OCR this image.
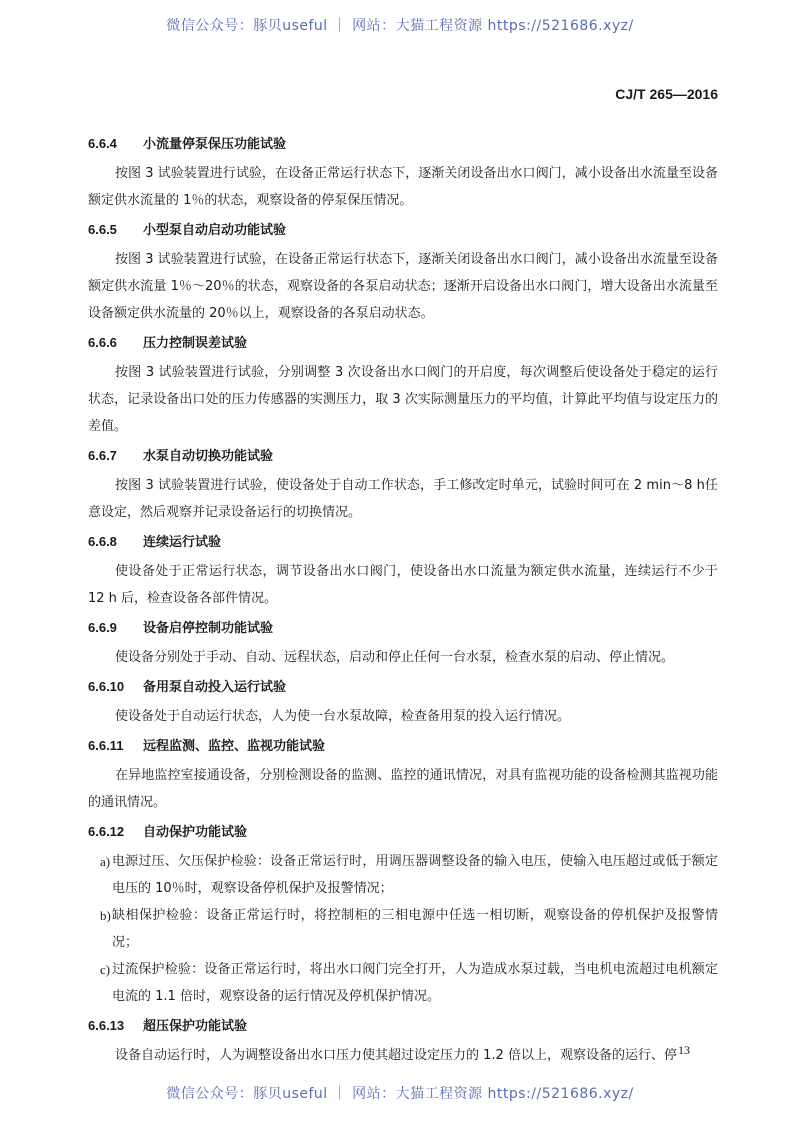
微信公众号：豚贝useful ｜ 网站：大猫工程资源 https://521686.xyz/
CJ/T 265—2016
6.6.4 小流量停泵保压功能试验

按图 3 试验装置进行试验，在设备正常运行状态下，逐渐关闭设备出水口阀门，减小设备出水流量至设备额定供水流量的 1％的状态，观察设备的停泵保压情况。

6.6.5 小型泵自动启动功能试验

按图 3 试验装置进行试验，在设备正常运行状态下，逐渐关闭设备出水口阀门，减小设备出水流量至设备额定供水流量 1％～20％的状态，观察设备的各泵启动状态；逐渐开启设备出水口阀门，增大设备出水流量至设备额定供水流量的 20％以上，观察设备的各泵启动状态。

6.6.6 压力控制误差试验

按图 3 试验装置进行试验，分别调整 3 次设备出水口阀门的开启度，每次调整后使设备处于稳定的运行状态，记录设备出口处的压力传感器的实测压力，取 3 次实际测量压力的平均值，计算此平均值与设定压力的差值。

6.6.7 水泵自动切换功能试验

按图 3 试验装置进行试验，使设备处于自动工作状态，手工修改定时单元，试验时间可在 2 min～8 h任意设定，然后观察并记录设备运行的切换情况。

6.6.8 连续运行试验

使设备处于正常运行状态，调节设备出水口阀门，使设备出水口流量为额定供水流量，连续运行不少于 12 h 后，检查设备各部件情况。

6.6.9 设备启停控制功能试验

使设备分别处于手动、自动、远程状态，启动和停止任何一台水泵，检查水泵的启动、停止情况。

6.6.10 备用泵自动投入运行试验

使设备处于自动运行状态，人为使一台水泵故障，检查备用泵的投入运行情况。

6.6.11 远程监测、监控、监视功能试验

在异地监控室接通设备，分别检测设备的监测、监控的通讯情况，对具有监视功能的设备检测其监视功能的通讯情况。

6.6.12 自动保护功能试验
a) 电源过压、欠压保护检验：设备正常运行时，用调压器调整设备的输入电压，使输入电压超过或低于额定电压的 10％时，观察设备停机保护及报警情况；
b) 缺相保护检验：设备正常运行时，将控制柜的三相电源中任选一相切断，观察设备的停机保护及报警情况；
c) 过流保护检验：设备正常运行时，将出水口阀门完全打开，人为造成水泵过载，当电机电流超过电机额定电流的 1.1 倍时，观察设备的运行情况及停机保护情况。
6.6.13 超压保护功能试验

设备自动运行时，人为调整设备出水口压力使其超过设定压力的 1.2 倍以上，观察设备的运行、停 13
微信公众号：豚贝useful ｜ 网站：大猫工程资源 https://521686.xyz/
